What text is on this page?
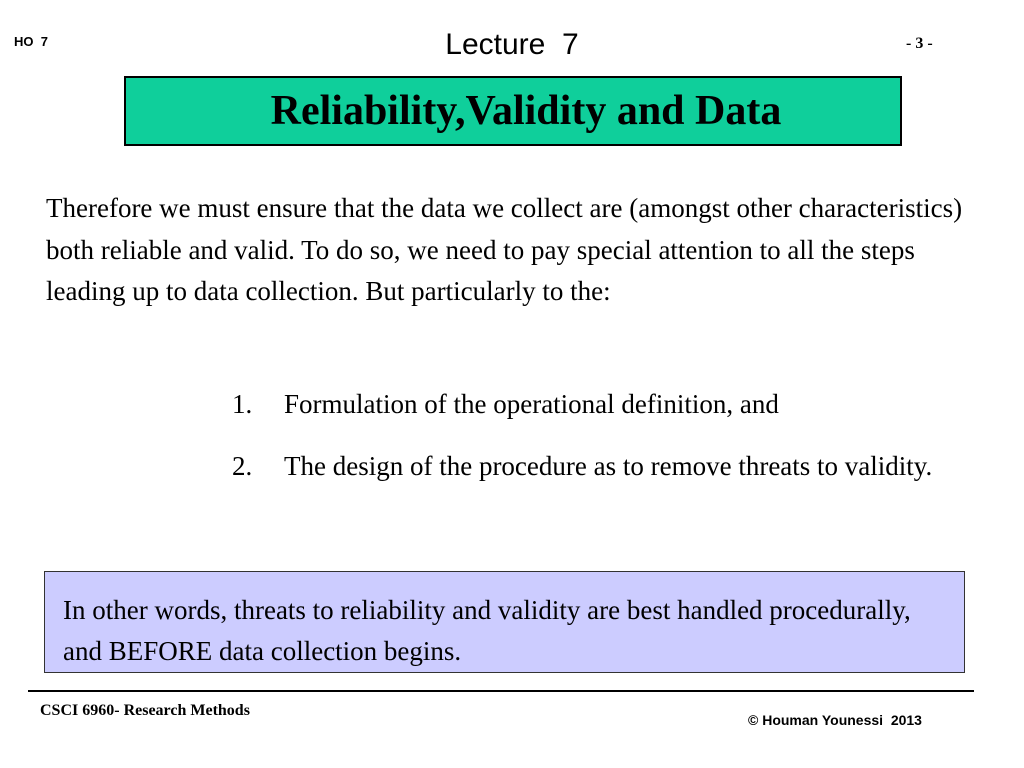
HO  7	Lecture  7	- 3 -
Reliability,Validity and Data
Therefore we must ensure that the data we collect are (amongst other characteristics) both reliable and valid. To do so, we need to pay special attention to all the steps leading up to data collection. But particularly to the:
1.	Formulation of the operational definition, and
2.	The design of the procedure as to remove threats to validity.
In other words, threats to reliability and validity are best handled procedurally, and BEFORE data collection begins.
CSCI 6960- Research Methods
© Houman Younessi  2013
